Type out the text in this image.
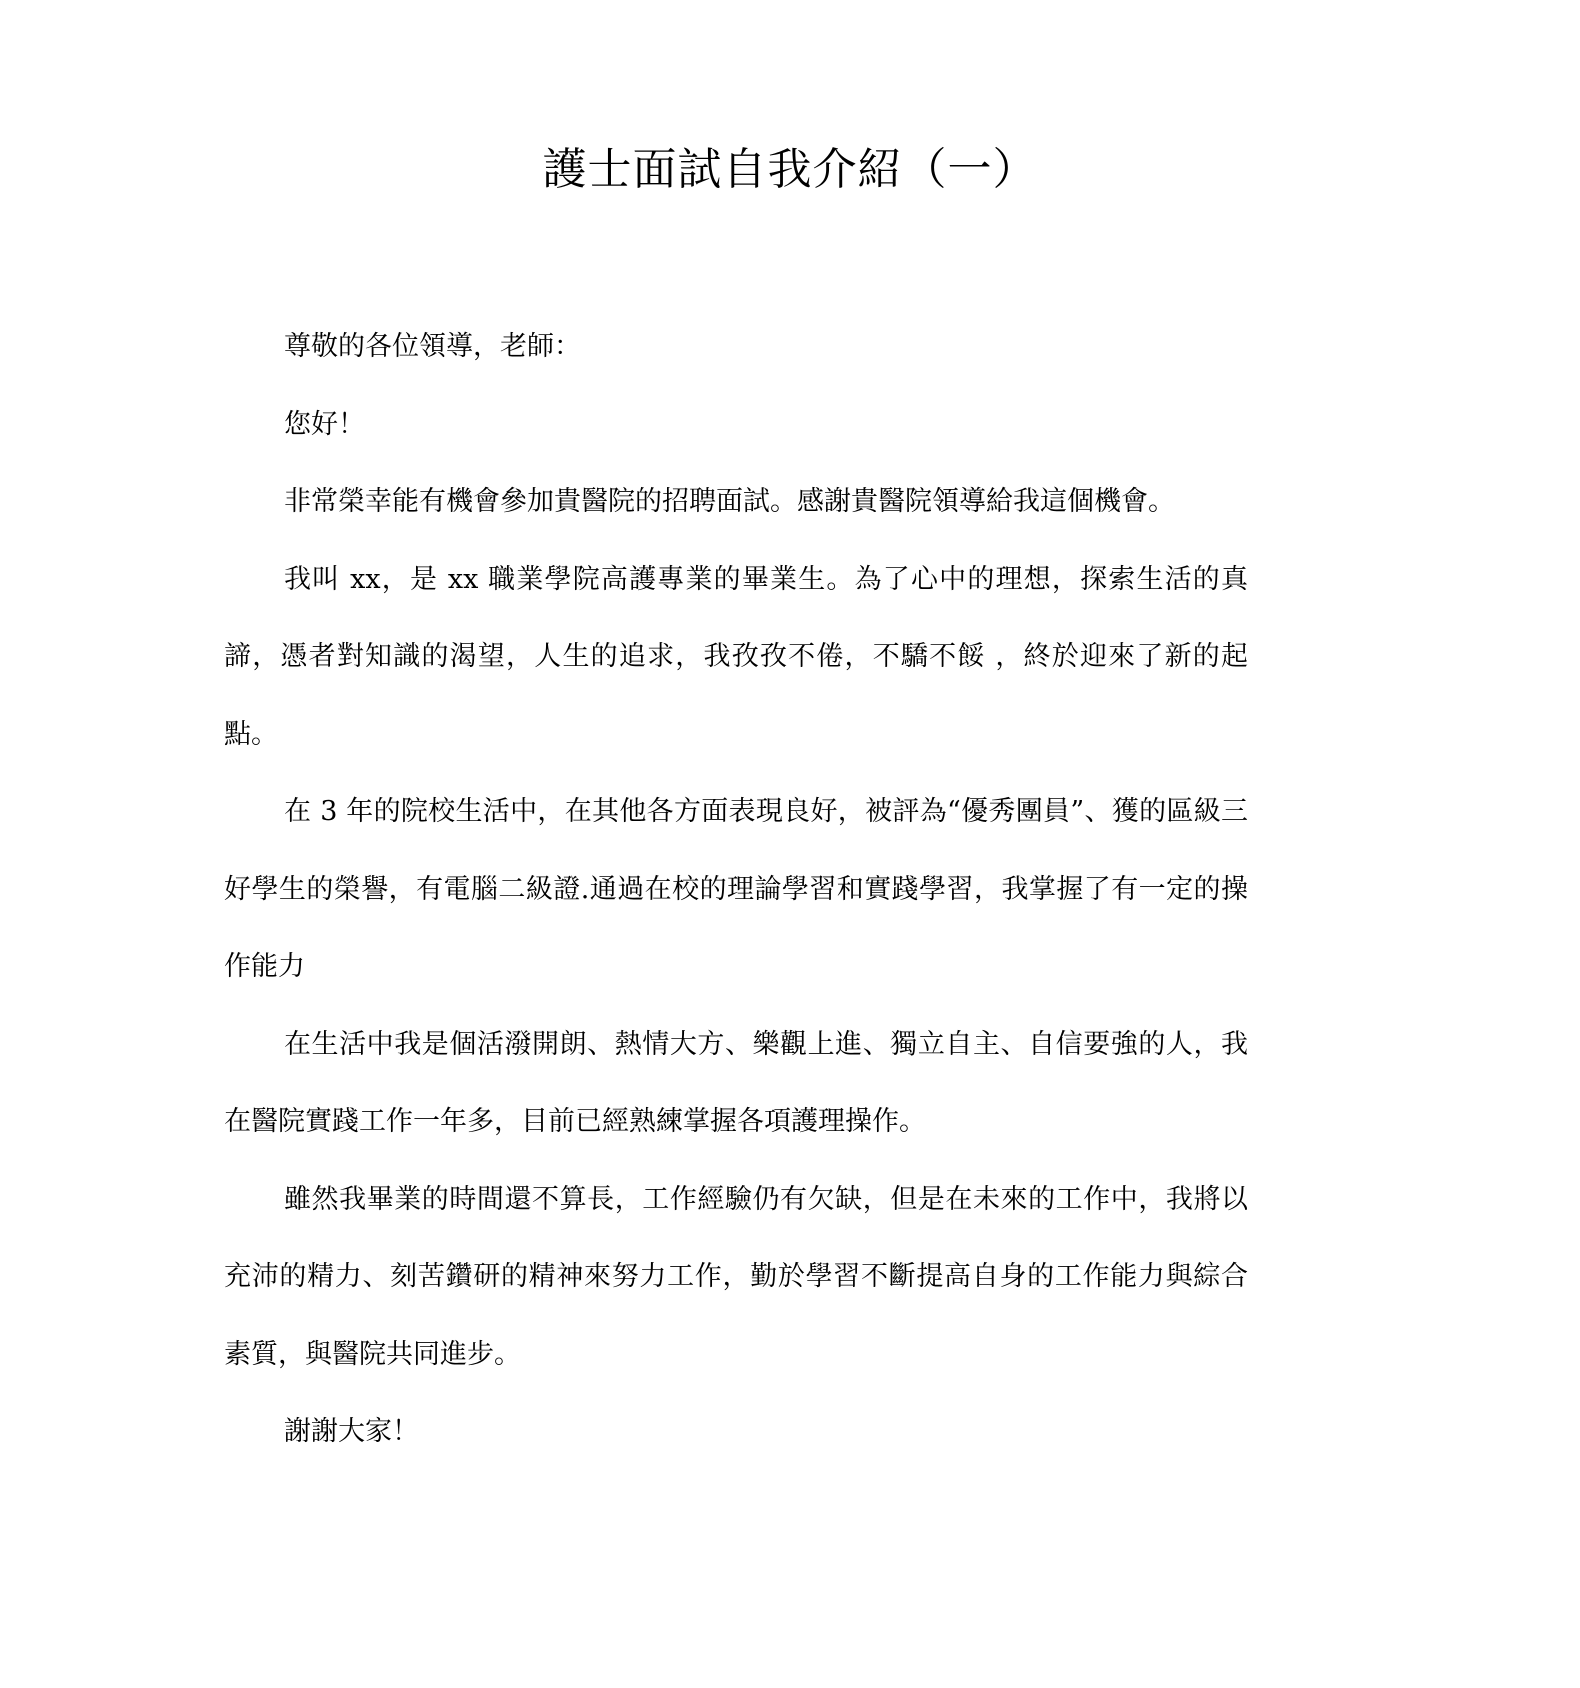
護士面試自我介紹（一）

尊敬的各位領導，老師：

您好！

非常榮幸能有機會參加貴醫院的招聘面試。感謝貴醫院領導給我這個機會。

我叫 xx，是 xx 職業學院高護專業的畢業生。為了心中的理想，探索生活的真諦，憑者對知識的渴望，人生的追求，我孜孜不倦，不驕不餒 ，終於迎來了新的起點。

在 3 年的院校生活中，在其他各方面表現良好，被評為“優秀團員”、獲的區級三好學生的榮譽，有電腦二級證.通過在校的理論學習和實踐學習，我掌握了有一定的操作能力

在生活中我是個活潑開朗、熱情大方、樂觀上進、獨立自主、自信要強的人，我在醫院實踐工作一年多，目前已經熟練掌握各項護理操作。

雖然我畢業的時間還不算長，工作經驗仍有欠缺，但是在未來的工作中，我將以充沛的精力、刻苦鑽研的精神來努力工作，勤於學習不斷提高自身的工作能力與綜合素質，與醫院共同進步。

謝謝大家！
